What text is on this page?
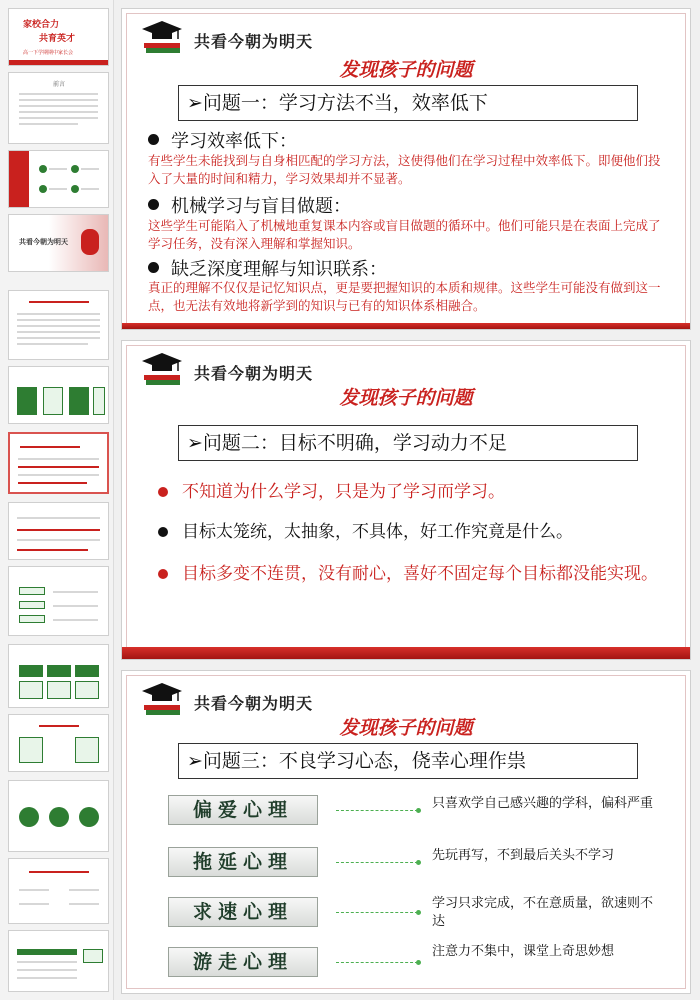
家校合力
共育英才
高一下学期期中家长会
前言
共看今朝为明天
共看今朝为明天
发现孩子的问题
➢问题一：学习方法不当，效率低下
学习效率低下：
有些学生未能找到与自身相匹配的学习方法，这使得他们在学习过程中效率低下。即便他们投入了大量的时间和精力，学习效果却并不显著。
机械学习与盲目做题：
这些学生可能陷入了机械地重复课本内容或盲目做题的循环中。他们可能只是在表面上完成了学习任务，没有深入理解和掌握知识。
缺乏深度理解与知识联系：
真正的理解不仅仅是记忆知识点，更是要把握知识的本质和规律。这些学生可能没有做到这一点，也无法有效地将新学到的知识与已有的知识体系相融合。
共看今朝为明天
发现孩子的问题
➢问题二：目标不明确，学习动力不足
不知道为什么学习，只是为了学习而学习。
目标太笼统，太抽象，不具体，好工作究竟是什么。
目标多变不连贯，没有耐心，喜好不固定每个目标都没能实现。
共看今朝为明天
发现孩子的问题
➢问题三：不良学习心态，侥幸心理作祟
偏爱心理	只喜欢学自己感兴趣的学科，偏科严重
拖延心理	先玩再写，不到最后关头不学习
求速心理	学习只求完成，不在意质量，欲速则不达
游走心理	注意力不集中，课堂上奇思妙想
